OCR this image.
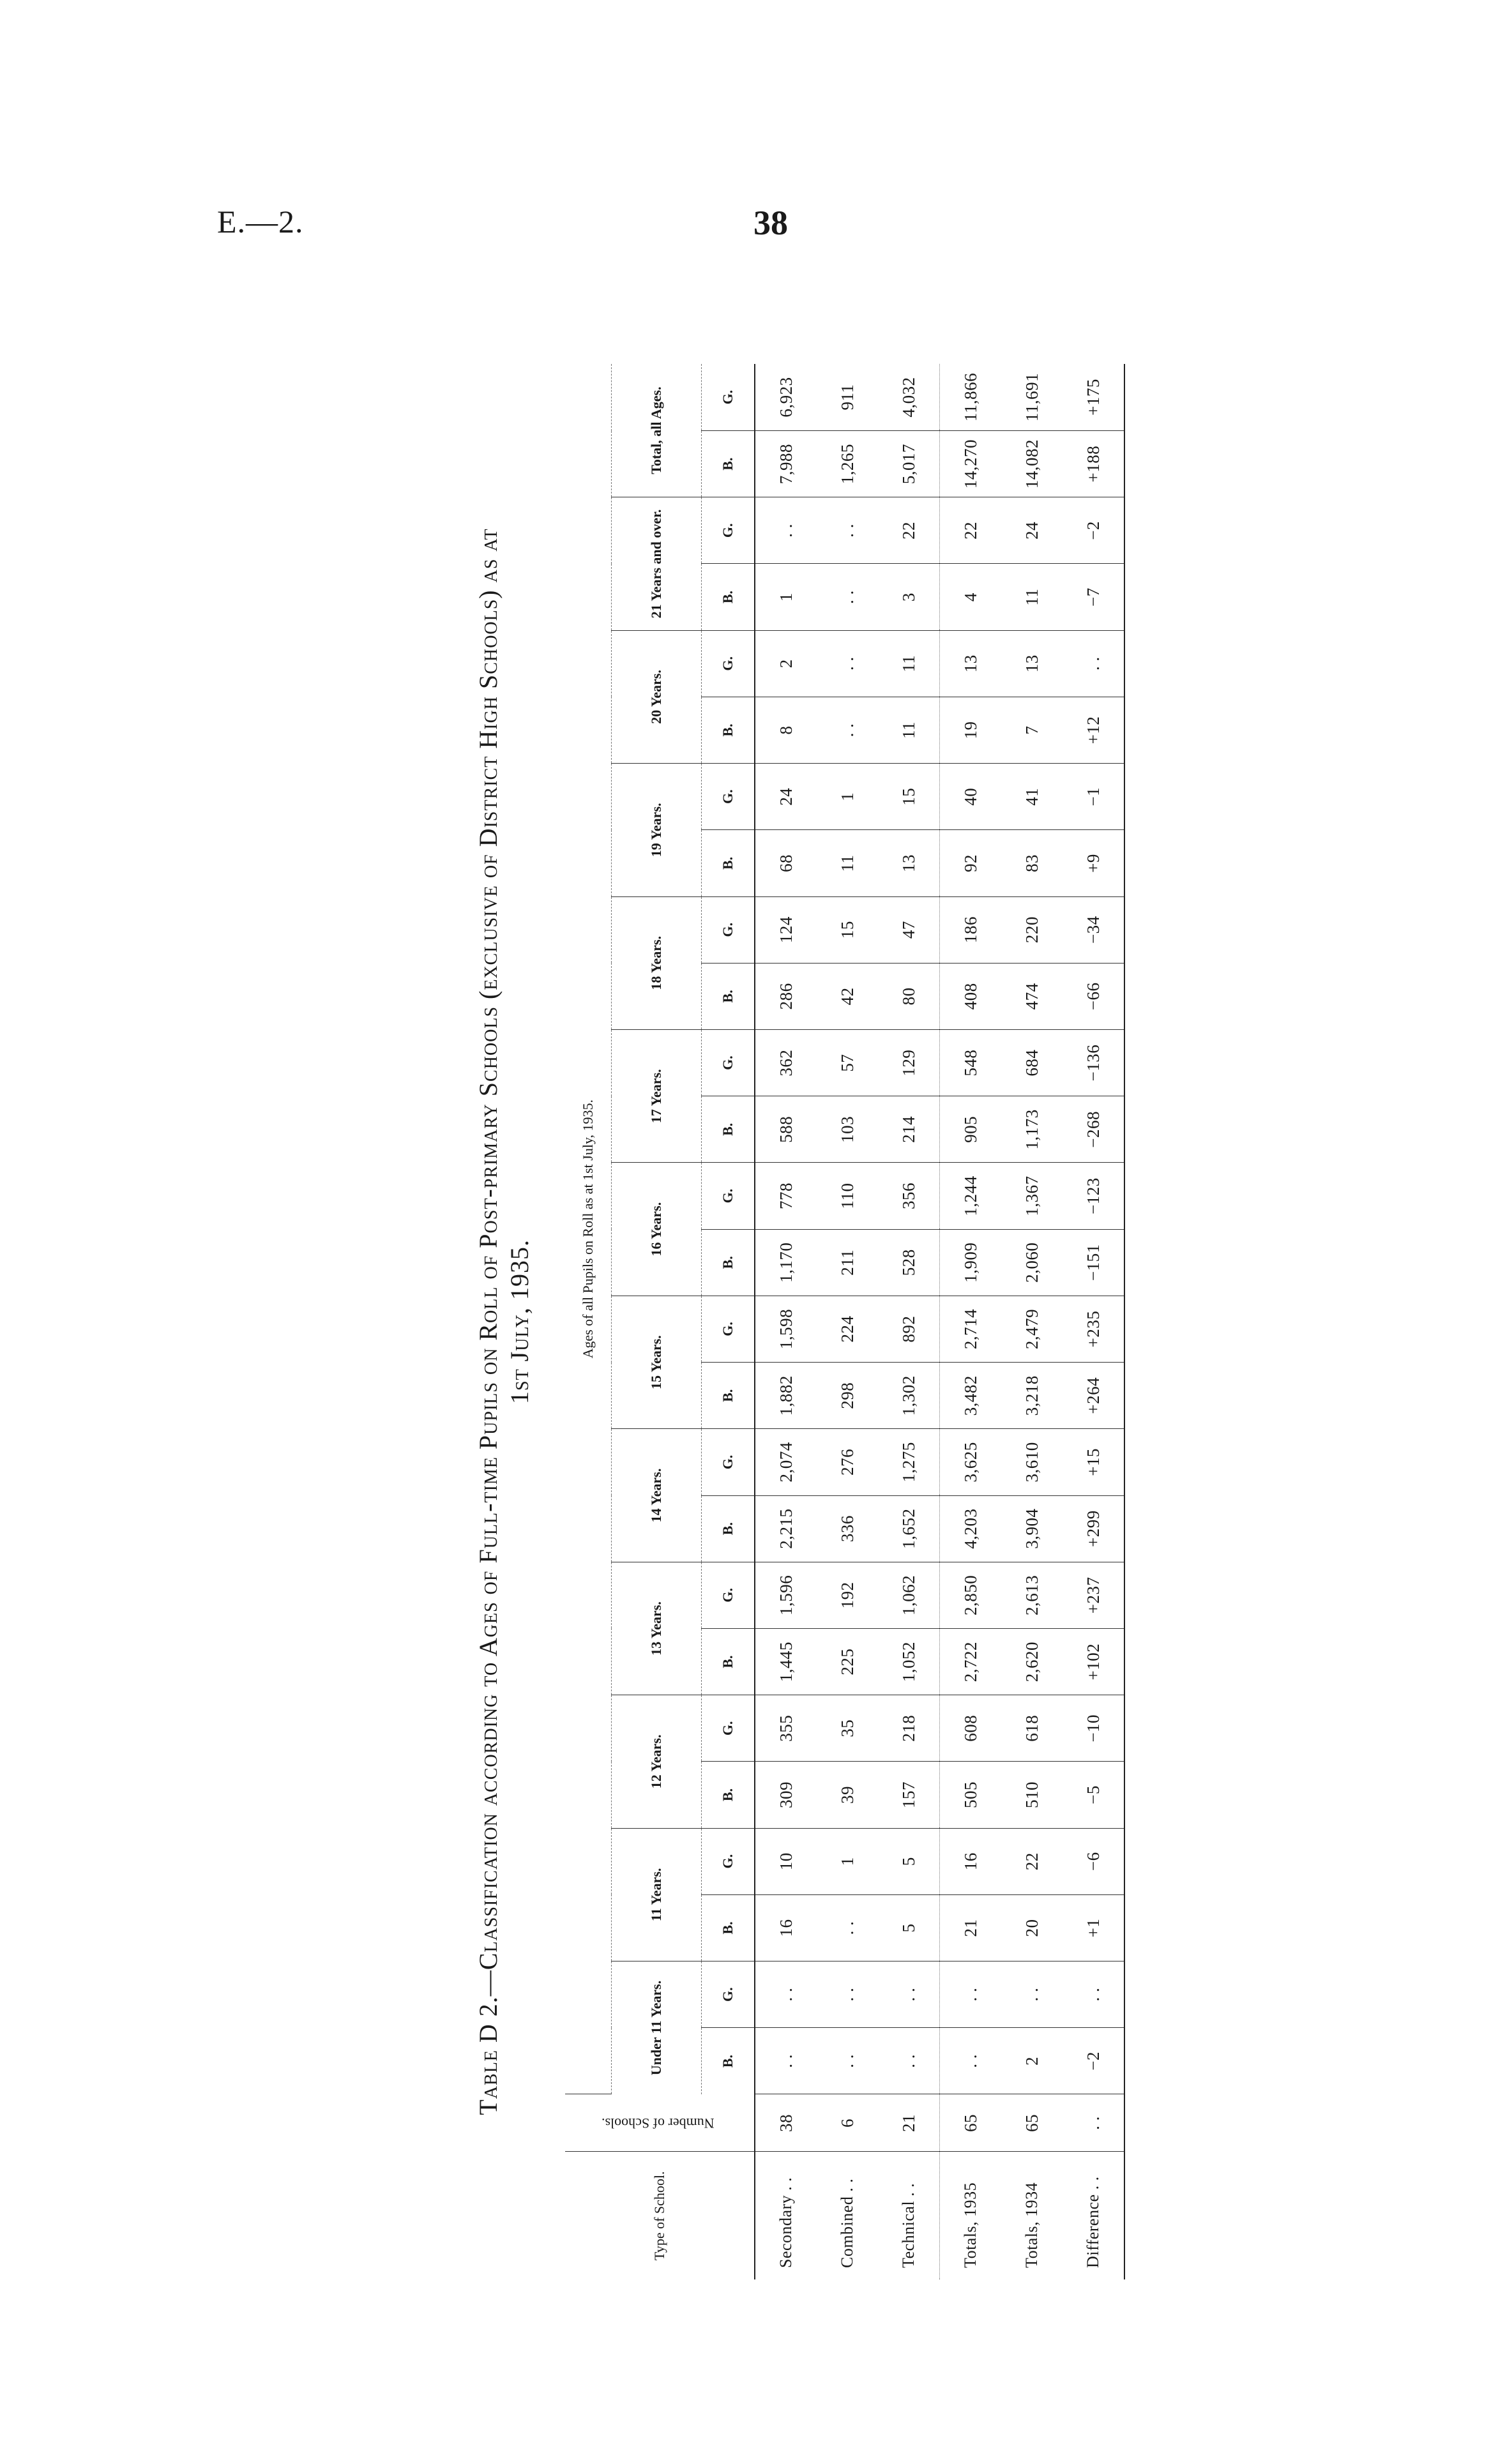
E.—2.	38
Table D 2.—Classification according to Ages of Full-time Pupils on Roll of Post-primary Schools (exclusive of District High Schools) as at 1st July, 1935.
Type of School.	Number of Schools.	Ages of all Pupils on Roll as at 1st July, 1935.																									
		Under 11 Years.		11 Years.		12 Years.		13 Years.		14 Years.		15 Years.		16 Years.		17 Years.		18 Years.		19 Years.		20 Years.		21 Years and over.		Total, all Ages.	
		B.	G.	B.	G.	B.	G.	B.	G.	B.	G.	B.	G.	B.	G.	B.	G.	B.	G.	B.	G.	B.	G.	B.	G.	B.	G.
Secondary . .	38	. .	. .	16	10	309	355	1,445	1,596	2,215	2,074	1,882	1,598	1,170	778	588	362	286	124	68	24	8	2	1	. .	7,988	6,923
Combined . .	6	. .	. .	. .	1	39	35	225	192	336	276	298	224	211	110	103	57	42	15	11	1	. .	. .	. .	. .	1,265	911
Technical . .	21	. .	. .	5	5	157	218	1,052	1,062	1,652	1,275	1,302	892	528	356	214	129	80	47	13	15	11	11	3	22	5,017	4,032
Totals, 1935	65	. .	. .	21	16	505	608	2,722	2,850	4,203	3,625	3,482	2,714	1,909	1,244	905	548	408	186	92	40	19	13	4	22	14,270	11,866
Totals, 1934	65	2	. .	20	22	510	618	2,620	2,613	3,904	3,610	3,218	2,479	2,060	1,367	1,173	684	474	220	83	41	7	13	11	24	14,082	11,691
Difference . .	. .	−2	. .	+1	−6	−5	−10	+102	+237	+299	+15	+264	+235	−151	−123	−268	−136	−66	−34	+9	−1	+12	. .	−7	−2	+188	+175
